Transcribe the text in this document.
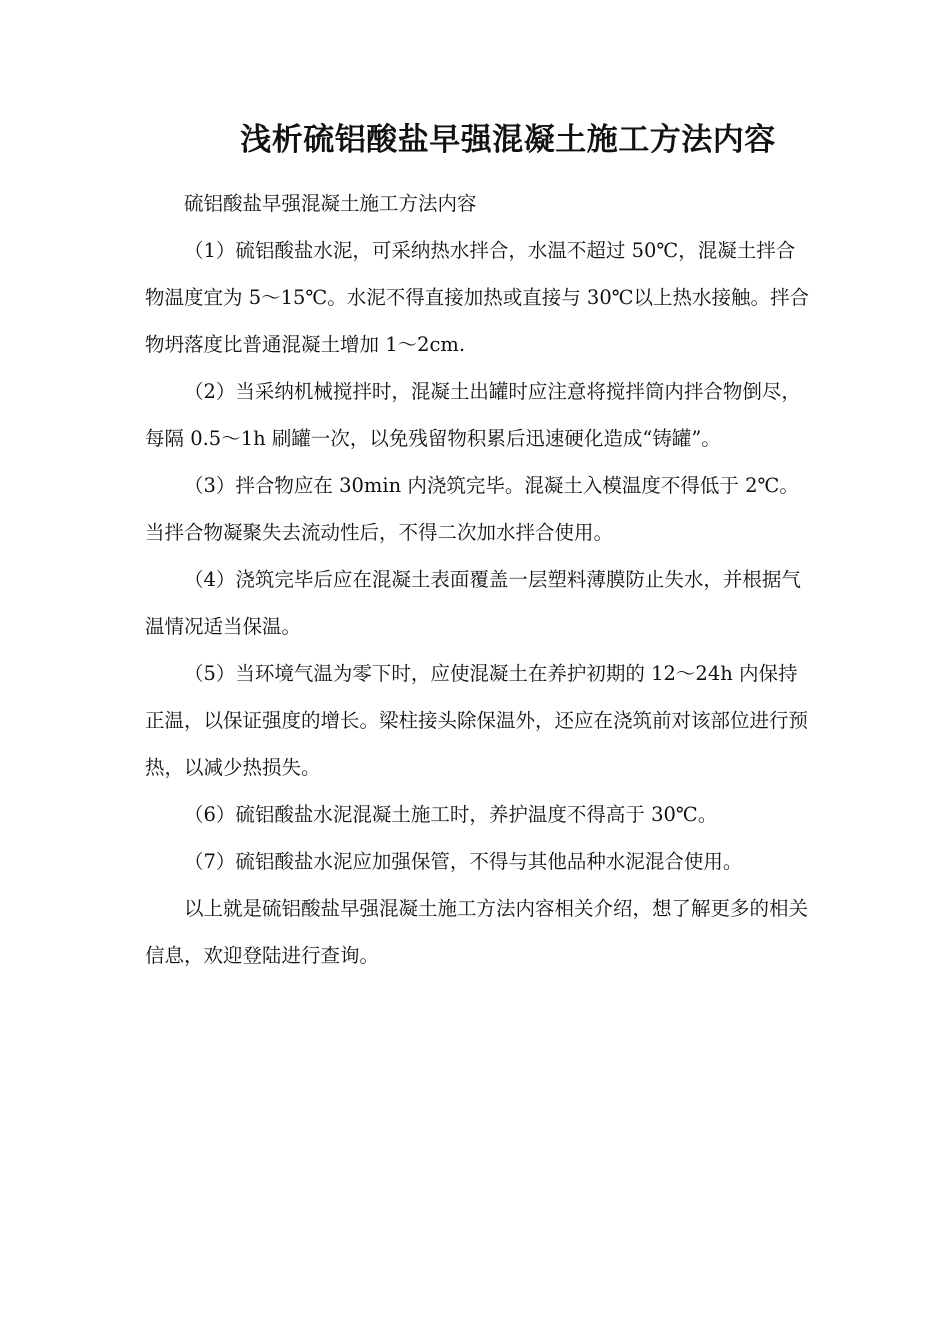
浅析硫铝酸盐早强混凝土施工方法内容

硫铝酸盐早强混凝土施工方法内容

（1）硫铝酸盐水泥，可采纳热水拌合，水温不超过 50℃，混凝土拌合物温度宜为 5～15℃。水泥不得直接加热或直接与 30℃以上热水接触。拌合物坍落度比普通混凝土增加 1～2cm.

（2）当采纳机械搅拌时，混凝土出罐时应注意将搅拌筒内拌合物倒尽，每隔 0.5～1h 刷罐一次，以免残留物积累后迅速硬化造成“铸罐”。

（3）拌合物应在 30min 内浇筑完毕。混凝土入模温度不得低于 2℃。当拌合物凝聚失去流动性后，不得二次加水拌合使用。

（4）浇筑完毕后应在混凝土表面覆盖一层塑料薄膜防止失水，并根据气温情况适当保温。

（5）当环境气温为零下时，应使混凝土在养护初期的 12～24h 内保持正温，以保证强度的增长。梁柱接头除保温外，还应在浇筑前对该部位进行预热，以减少热损失。

（6）硫铝酸盐水泥混凝土施工时，养护温度不得高于 30℃。

（7）硫铝酸盐水泥应加强保管，不得与其他品种水泥混合使用。

以上就是硫铝酸盐早强混凝土施工方法内容相关介绍，想了解更多的相关信息，欢迎登陆进行查询。
